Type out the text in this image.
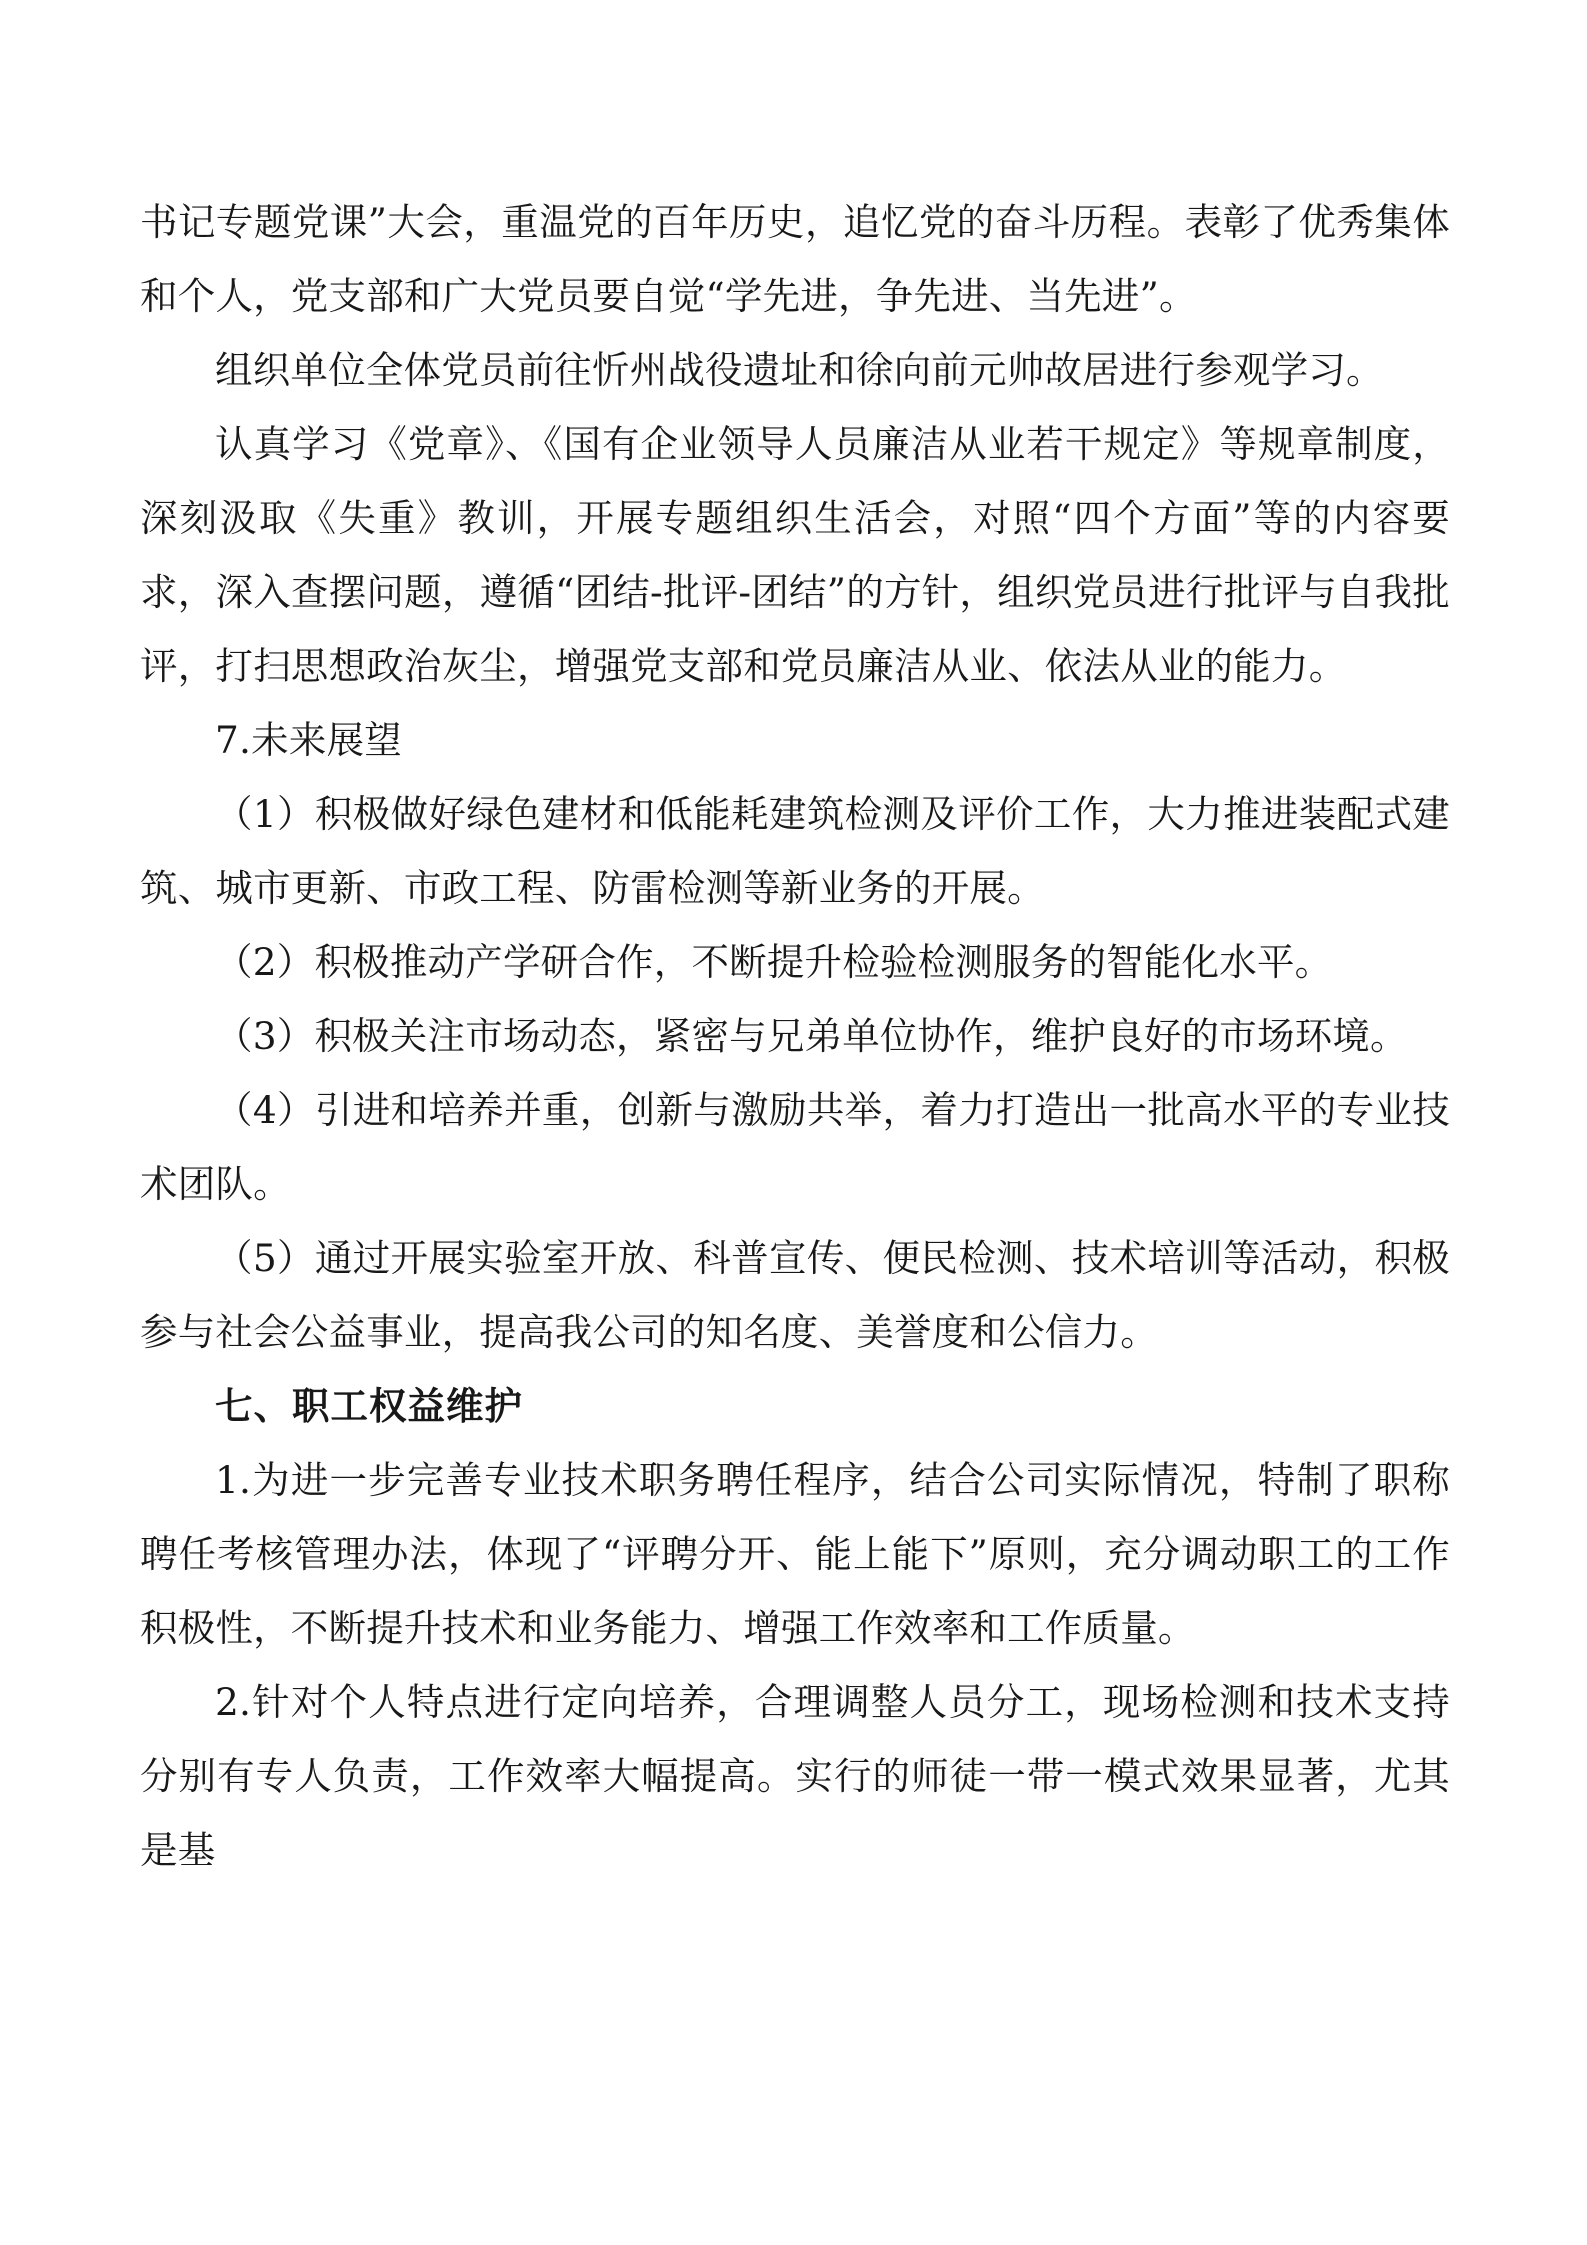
书记专题党课”大会，重温党的百年历史，追忆党的奋斗历程。表彰了优秀集体和个人，党支部和广大党员要自觉“学先进，争先进、当先进”。

组织单位全体党员前往忻州战役遗址和徐向前元帅故居进行参观学习。

认真学习《党章》、《国有企业领导人员廉洁从业若干规定》等规章制度，深刻汲取《失重》教训，开展专题组织生活会，对照“四个方面”等的内容要求，深入查摆问题，遵循“团结-批评-团结”的方针，组织党员进行批评与自我批评，打扫思想政治灰尘，增强党支部和党员廉洁从业、依法从业的能力。

7.未来展望

（1）积极做好绿色建材和低能耗建筑检测及评价工作，大力推进装配式建筑、城市更新、市政工程、防雷检测等新业务的开展。

（2）积极推动产学研合作，不断提升检验检测服务的智能化水平。

（3）积极关注市场动态，紧密与兄弟单位协作，维护良好的市场环境。

（4）引进和培养并重，创新与激励共举，着力打造出一批高水平的专业技术团队。

（5）通过开展实验室开放、科普宣传、便民检测、技术培训等活动，积极参与社会公益事业，提高我公司的知名度、美誉度和公信力。

七、职工权益维护

1.为进一步完善专业技术职务聘任程序，结合公司实际情况，特制了职称聘任考核管理办法，体现了“评聘分开、能上能下”原则，充分调动职工的工作积极性，不断提升技术和业务能力、增强工作效率和工作质量。

2.针对个人特点进行定向培养，合理调整人员分工，现场检测和技术支持分别有专人负责，工作效率大幅提高。实行的师徒一带一模式效果显著，尤其是基
